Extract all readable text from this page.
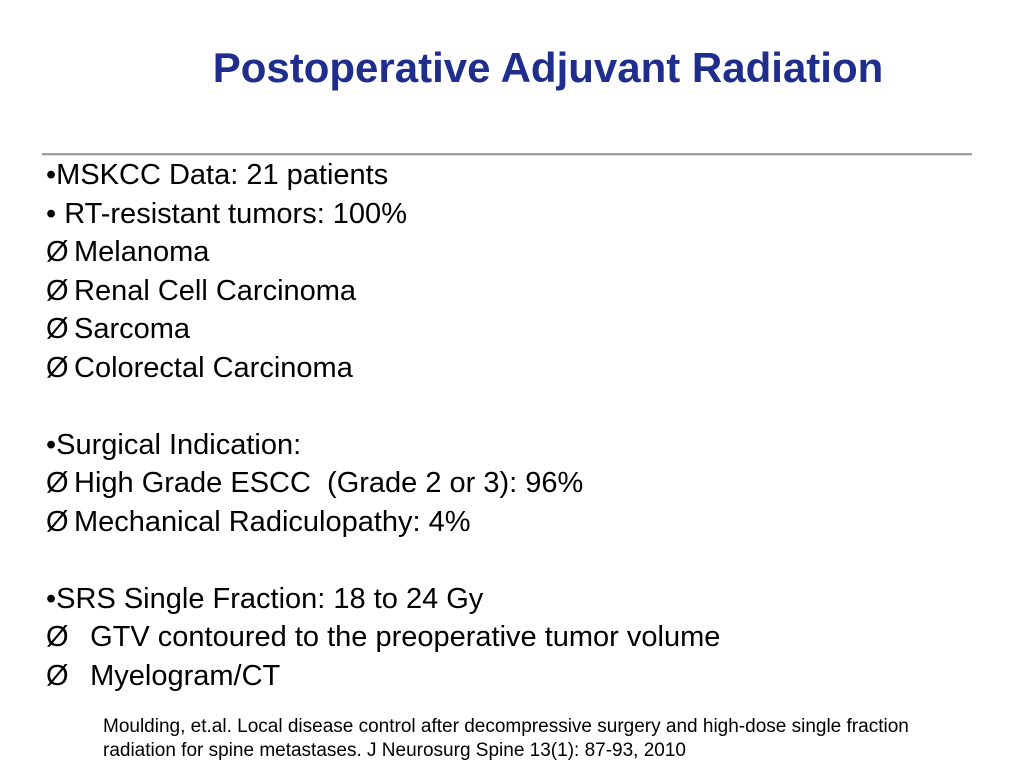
Postoperative Adjuvant Radiation
•MSKCC Data: 21 patients
• RT-resistant tumors: 100%
Ø Melanoma
Ø Renal Cell Carcinoma
Ø Sarcoma
Ø Colorectal Carcinoma
•Surgical Indication:
Ø High Grade ESCC  (Grade 2 or 3): 96%
Ø Mechanical Radiculopathy: 4%
•SRS Single Fraction: 18 to 24 Gy
Ø  GTV contoured to the preoperative tumor volume
Ø  Myelogram/CT
Moulding, et.al. Local disease control after decompressive surgery and high-dose single fraction
radiation for spine metastases. J Neurosurg Spine 13(1): 87-93, 2010
